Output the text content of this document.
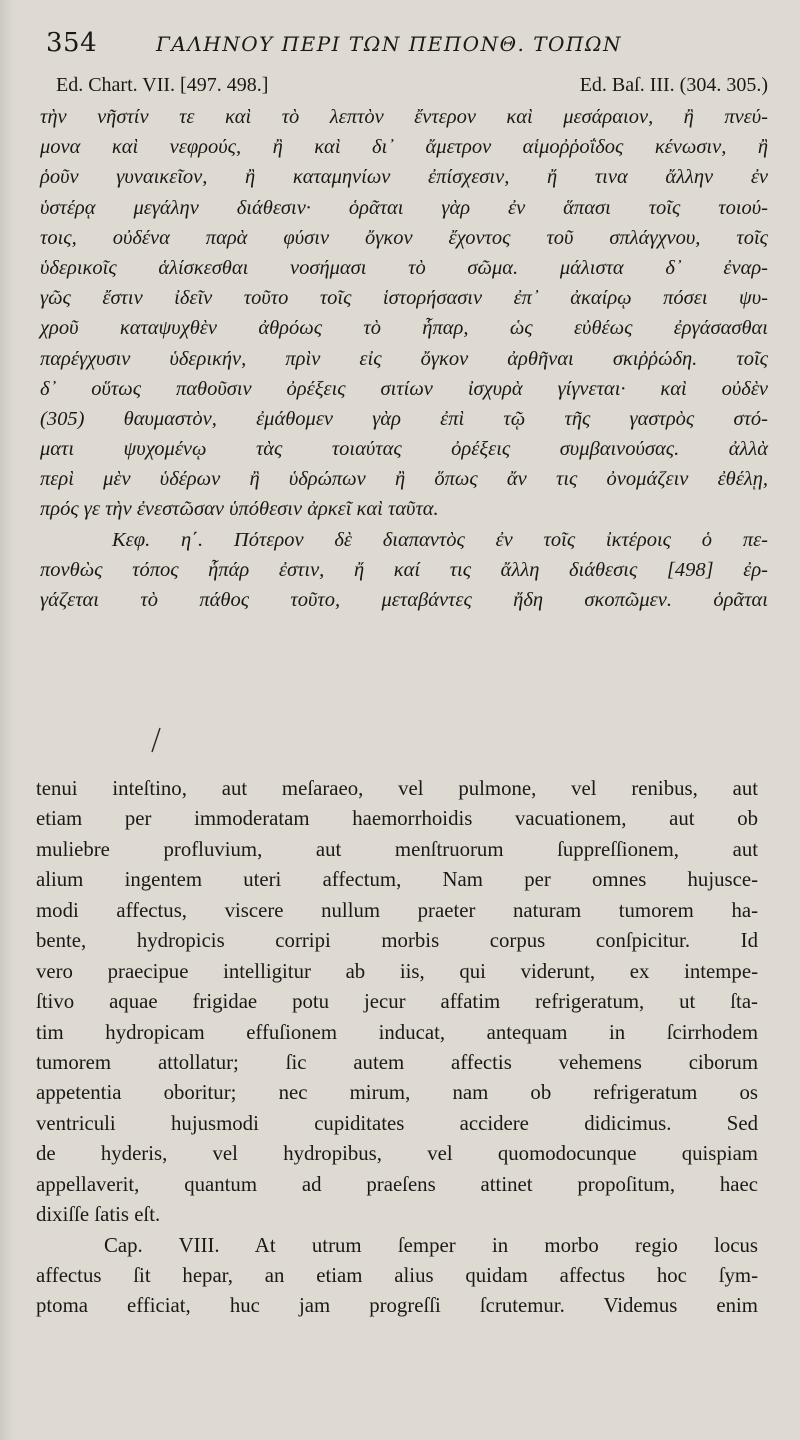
354	ΓΑΛΗΝΟΥ ΠΕΡΙ ΤΩΝ ΠΕΠΟΝΘ. ΤΟΠΩΝ
Ed. Chart. VII. [497. 498.]	Ed. Baſ. III. (304. 305.)
τὴν νῆστίν τε καὶ τὸ λεπτὸν ἔντερον καὶ μεσάραιον, ἢ πνεύ-
μονα καὶ νεφρούς, ἢ καὶ δι᾽ ἄμετρον αἱμοῤῥοΐδος κένωσιν, ἢ
ῥοῦν γυναικεῖον, ἢ καταμηνίων ἐπίσχεσιν, ἤ τινα ἄλλην ἐν
ὑστέρᾳ μεγάλην διάθεσιν· ὁρᾶται γὰρ ἐν ἅπασι τοῖς τοιού-
τοις, οὐδένα παρὰ φύσιν ὄγκον ἔχοντος τοῦ σπλάγχνου, τοῖς
ὑδερικοῖς ἁλίσκεσθαι νοσήμασι τὸ σῶμα. μάλιστα δ᾽ ἐναρ-
γῶς ἔστιν ἰδεῖν τοῦτο τοῖς ἱστορήσασιν ἐπ᾽ ἀκαίρῳ πόσει ψυ-
χροῦ καταψυχθὲν ἀθρόως τὸ ἧπαρ, ὡς εὐθέως ἐργάσασθαι
παρέγχυσιν ὑδερικήν, πρὶν εἰς ὄγκον ἀρθῆναι σκιῤῥώδη. τοῖς
δ᾽ οὕτως παθοῦσιν ὀρέξεις σιτίων ἰσχυρὰ γίγνεται· καὶ οὐδὲν
(305) θαυμαστὸν, ἐμάθομεν γὰρ ἐπὶ τῷ τῆς γαστρὸς στό-
ματι ψυχομένῳ τὰς τοιαύτας ὀρέξεις συμβαινούσας. ἀλλὰ
περὶ μὲν ὑδέρων ἢ ὑδρώπων ἢ ὅπως ἄν τις ὀνομάζειν ἐθέλῃ,
πρός γε τὴν ἐνεστῶσαν ὑπόθεσιν ἀρκεῖ καὶ ταῦτα.
Κεφ. η΄. Πότερον δὲ διαπαντὸς ἐν τοῖς ἰκτέροις ὁ πε-
πονθὼς τόπος ἧπάρ ἐστιν, ἤ καί τις ἄλλη διάθεσις [498] ἐρ-
γάζεται τὸ πάθος τοῦτο, μεταβάντες ἤδη σκοπῶμεν. ὁρᾶται
tenui inteſtino, aut meſaraeo, vel pulmone, vel renibus, aut
etiam per immoderatam haemorrhoidis vacuationem, aut ob
muliebre profluvium, aut menſtruorum ſuppreſſionem, aut
alium ingentem uteri affectum, Nam per omnes hujusce-
modi affectus, viscere nullum praeter naturam tumorem ha-
bente, hydropicis corripi morbis corpus conſpicitur. Id
vero praecipue intelligitur ab iis, qui viderunt, ex intempe-
ſtivo aquae frigidae potu jecur affatim refrigeratum, ut ſta-
tim hydropicam effuſionem inducat, antequam in ſcirrhodem
tumorem attollatur; ſic autem affectis vehemens ciborum
appetentia oboritur; nec mirum, nam ob refrigeratum os
ventriculi hujusmodi cupiditates accidere didicimus. Sed
de hyderis, vel hydropibus, vel quomodocunque quispiam
appellaverit, quantum ad praeſens attinet propoſitum, haec
dixiſſe ſatis eſt.
Cap. VIII. At utrum ſemper in morbo regio locus
affectus ſit hepar, an etiam alius quidam affectus hoc ſym-
ptoma efficiat, huc jam progreſſi ſcrutemur. Videmus enim
